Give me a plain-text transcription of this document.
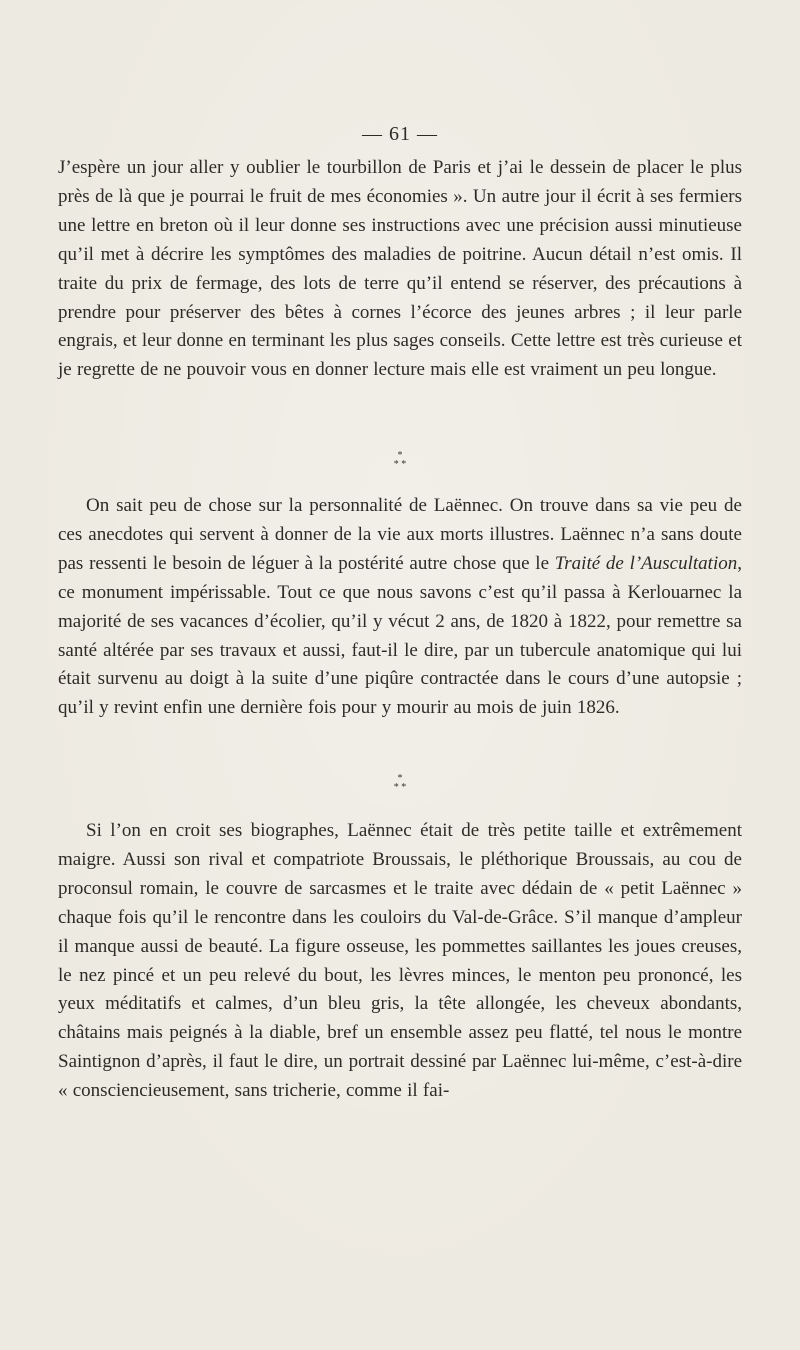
— 61 —
J’espère un jour aller y oublier le tourbillon de Paris et j’ai le dessein de placer le plus près de là que je pourrai le fruit de mes économies ». Un autre jour il écrit à ses fermiers une lettre en breton où il leur donne ses instructions avec une précision aussi minutieuse qu’il met à décrire les symptômes des maladies de poitrine. Aucun détail n’est omis. Il traite du prix de fermage, des lots de terre qu’il entend se réserver, des précautions à prendre pour préserver des bêtes à cornes l’écorce des jeunes arbres ; il leur parle engrais, et leur donne en terminant les plus sages conseils. Cette lettre est très curieuse et je regrette de ne pouvoir vous en donner lecture mais elle est vraiment un peu longue.
*
* *
On sait peu de chose sur la personnalité de Laënnec. On trouve dans sa vie peu de ces anecdotes qui servent à donner de la vie aux morts illustres. Laënnec n’a sans doute pas ressenti le besoin de léguer à la postérité autre chose que le Traité de l’Auscultation, ce monument impérissable. Tout ce que nous savons c’est qu’il passa à Kerlouarnec la majorité de ses vacances d’écolier, qu’il y vécut 2 ans, de 1820 à 1822, pour remettre sa santé altérée par ses travaux et aussi, faut-il le dire, par un tubercule anatomique qui lui était survenu au doigt à la suite d’une piqûre contractée dans le cours d’une autopsie ; qu’il y revint enfin une dernière fois pour y mourir au mois de juin 1826.
*
* *
Si l’on en croit ses biographes, Laënnec était de très petite taille et extrêmement maigre. Aussi son rival et compatriote Broussais, le pléthorique Broussais, au cou de proconsul romain, le couvre de sarcasmes et le traite avec dédain de « petit Laënnec » chaque fois qu’il le rencontre dans les couloirs du Val-de-Grâce. S’il manque d’ampleur il manque aussi de beauté. La figure osseuse, les pommettes saillantes les joues creuses, le nez pincé et un peu relevé du bout, les lèvres minces, le menton peu prononcé, les yeux méditatifs et calmes, d’un bleu gris, la tête allongée, les cheveux abondants, châtains mais peignés à la diable, bref un ensemble assez peu flatté, tel nous le montre Saintignon d’après, il faut le dire, un portrait dessiné par Laënnec lui-même, c’est-à-dire « consciencieusement, sans tricherie, comme il fai-
